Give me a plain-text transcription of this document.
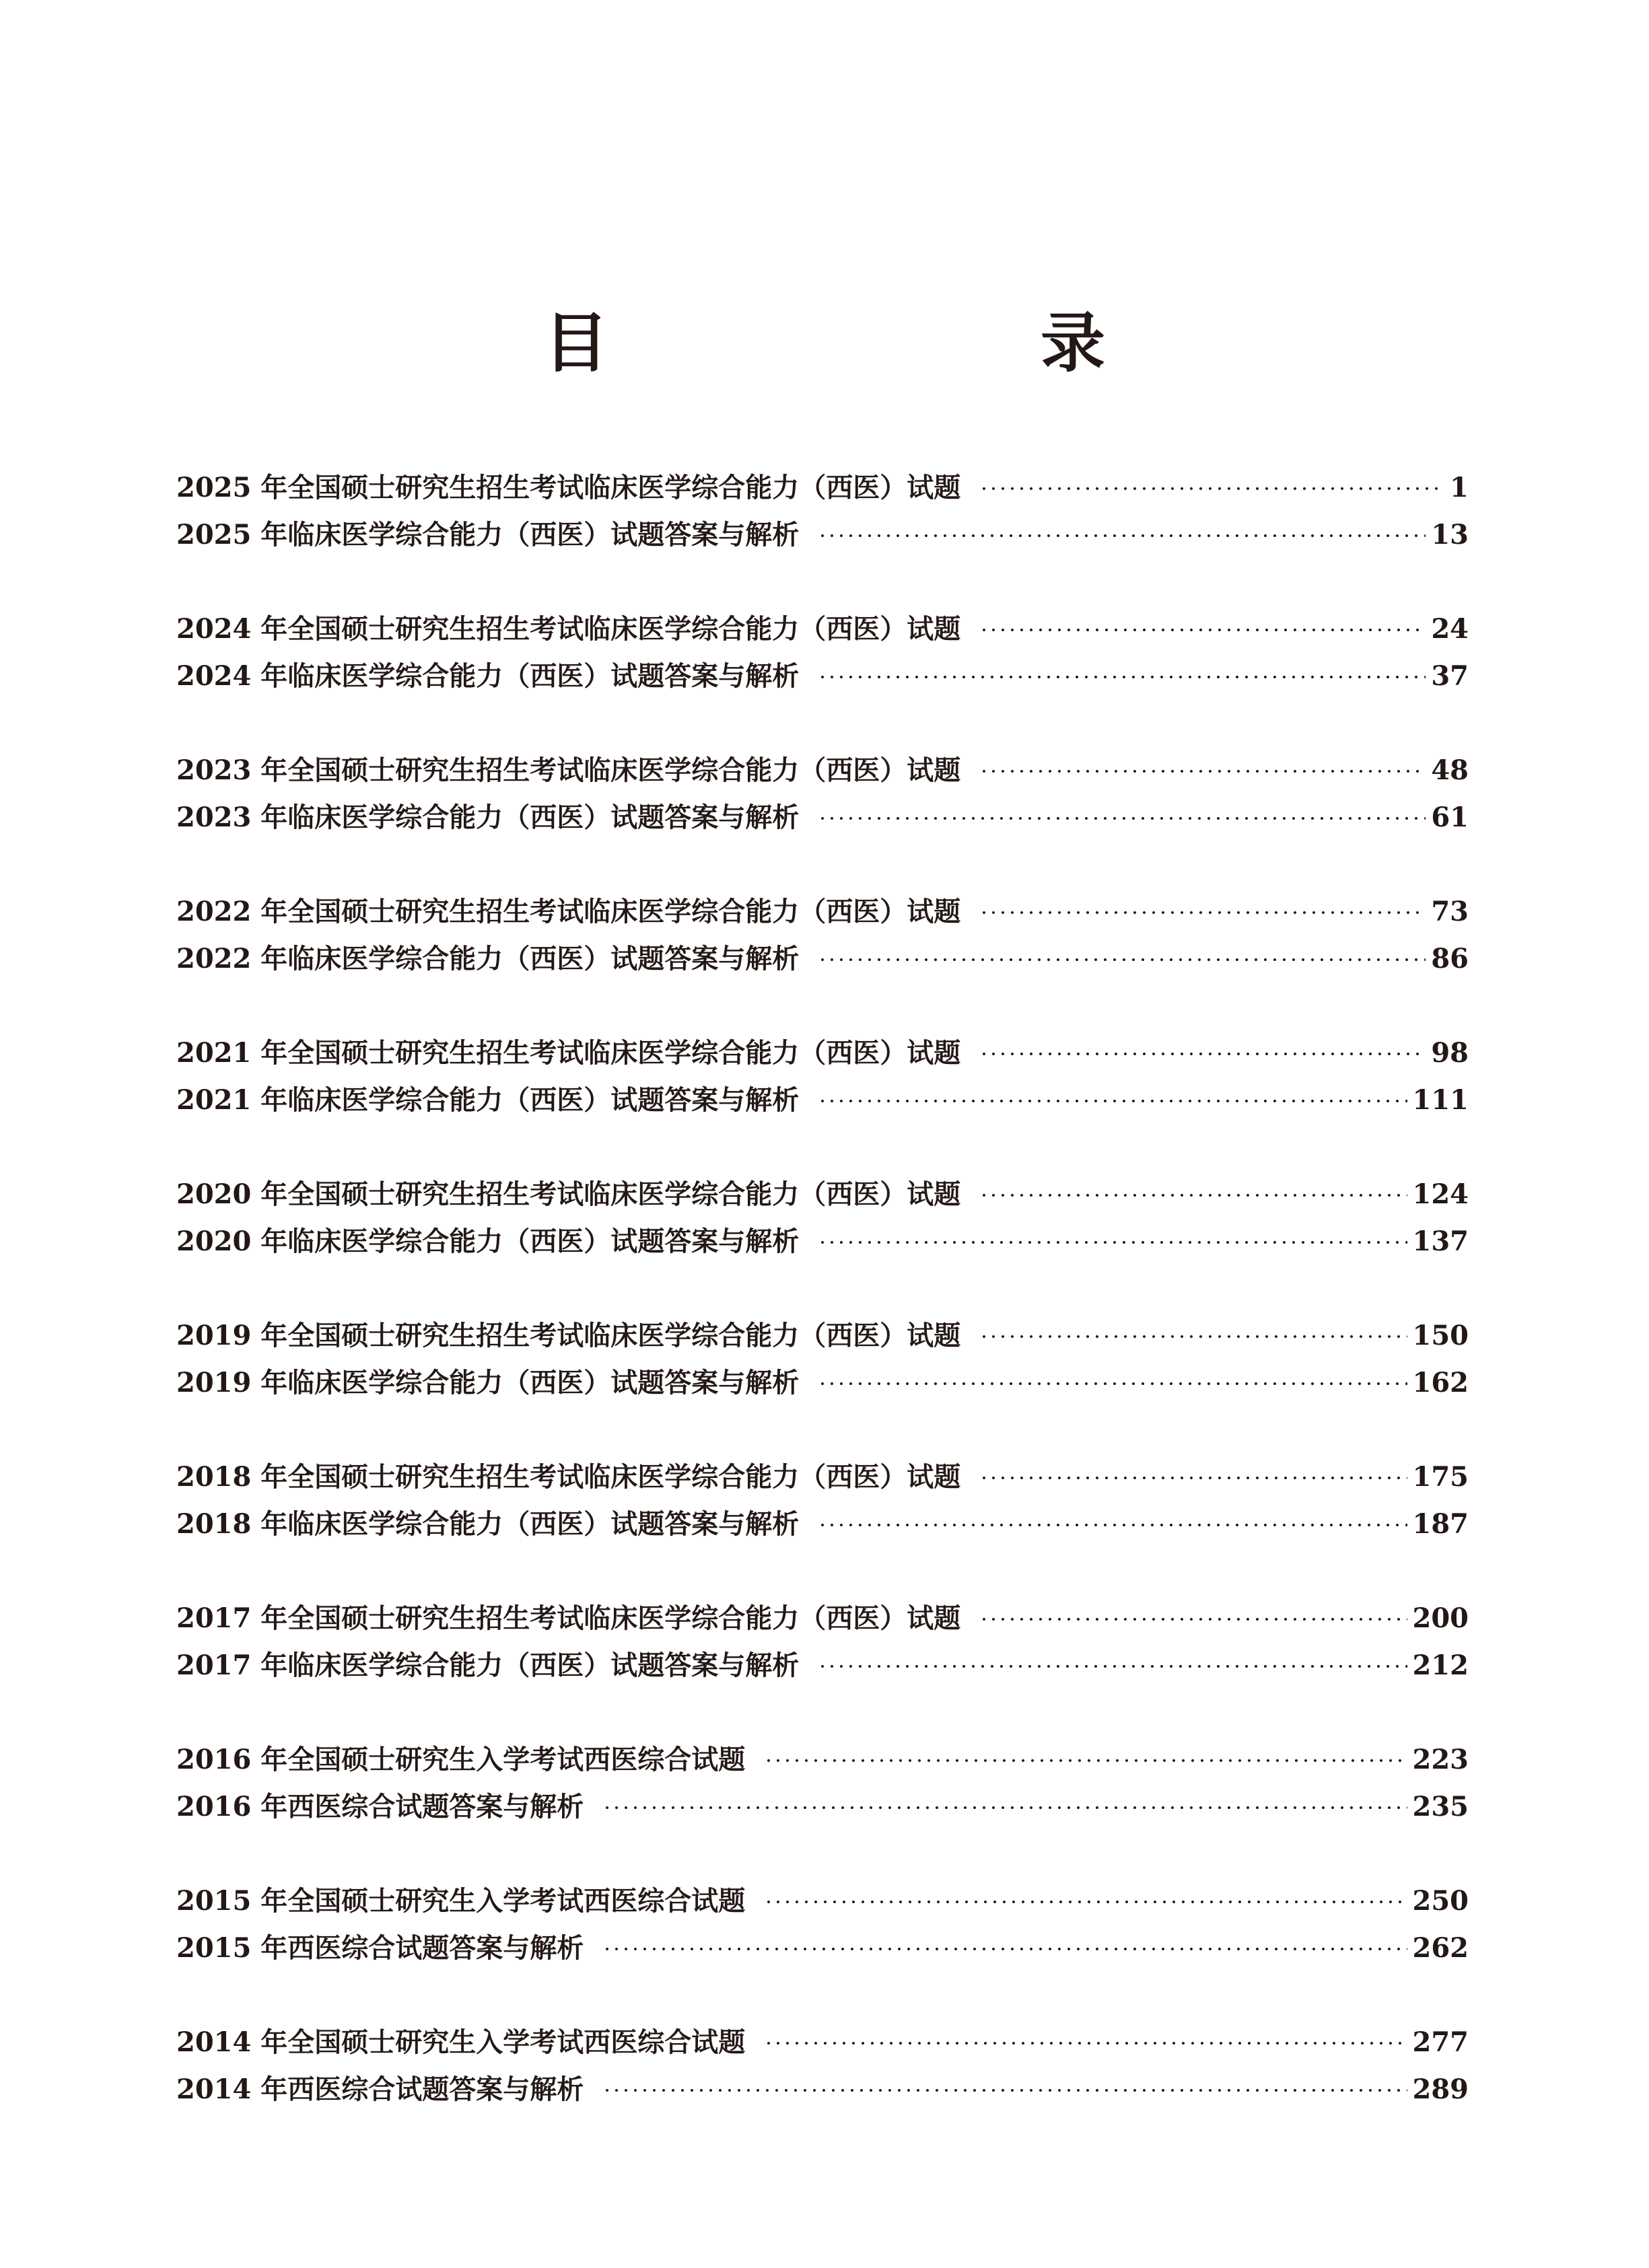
目　　录
2025 年全国硕士研究生招生考试临床医学综合能力（西医）试题	1
2025 年临床医学综合能力（西医）试题答案与解析	13
2024 年全国硕士研究生招生考试临床医学综合能力（西医）试题	24
2024 年临床医学综合能力（西医）试题答案与解析	37
2023 年全国硕士研究生招生考试临床医学综合能力（西医）试题	48
2023 年临床医学综合能力（西医）试题答案与解析	61
2022 年全国硕士研究生招生考试临床医学综合能力（西医）试题	73
2022 年临床医学综合能力（西医）试题答案与解析	86
2021 年全国硕士研究生招生考试临床医学综合能力（西医）试题	98
2021 年临床医学综合能力（西医）试题答案与解析	111
2020 年全国硕士研究生招生考试临床医学综合能力（西医）试题	124
2020 年临床医学综合能力（西医）试题答案与解析	137
2019 年全国硕士研究生招生考试临床医学综合能力（西医）试题	150
2019 年临床医学综合能力（西医）试题答案与解析	162
2018 年全国硕士研究生招生考试临床医学综合能力（西医）试题	175
2018 年临床医学综合能力（西医）试题答案与解析	187
2017 年全国硕士研究生招生考试临床医学综合能力（西医）试题	200
2017 年临床医学综合能力（西医）试题答案与解析	212
2016 年全国硕士研究生入学考试西医综合试题	223
2016 年西医综合试题答案与解析	235
2015 年全国硕士研究生入学考试西医综合试题	250
2015 年西医综合试题答案与解析	262
2014 年全国硕士研究生入学考试西医综合试题	277
2014 年西医综合试题答案与解析	289
